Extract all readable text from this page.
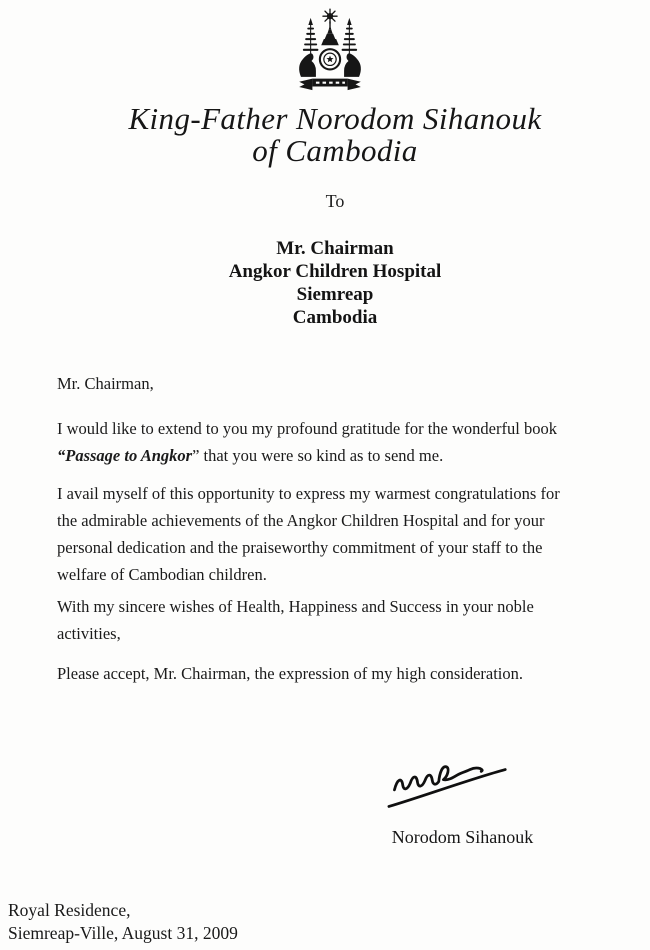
King-Father Norodom Sihanouk
of Cambodia
To
Mr. Chairman
Angkor Children Hospital
Siemreap
Cambodia
Mr. Chairman,
I would like to extend to you my profound gratitude for the wonderful book
“Passage to Angkor” that you were so kind as to send me.
I avail myself of this opportunity to express my warmest congratulations for
the admirable achievements of the Angkor Children Hospital and for your
personal dedication and the praiseworthy commitment of your staff to the
welfare of Cambodian children.
With my sincere wishes of Health, Happiness and Success in your noble
activities,
Please accept, Mr. Chairman, the expression of my high consideration.
Norodom Sihanouk
Royal Residence,
Siemreap-Ville, August 31, 2009
